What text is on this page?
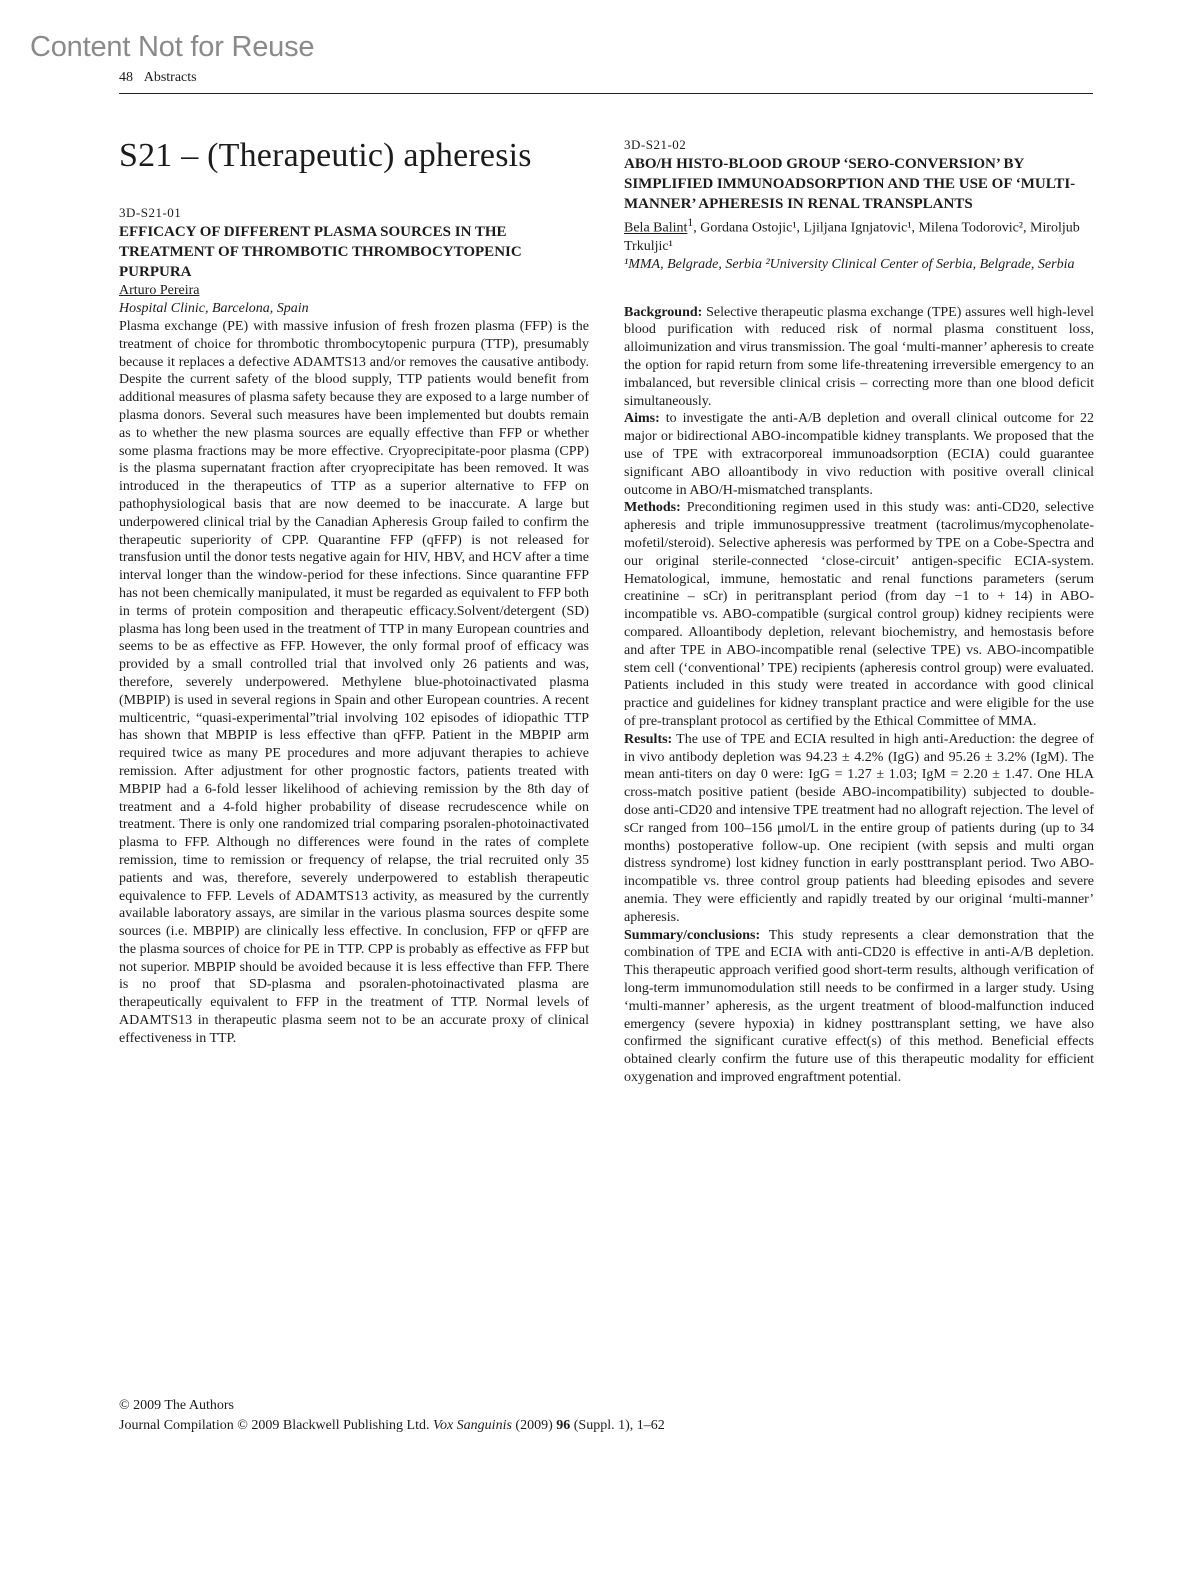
Content Not for Reuse
48 Abstracts
S21 – (Therapeutic) apheresis
3D-S21-01
EFFICACY OF DIFFERENT PLASMA SOURCES IN THE TREATMENT OF THROMBOTIC THROMBOCYTOPENIC PURPURA
Arturo Pereira
Hospital Clinic, Barcelona, Spain

Plasma exchange (PE) with massive infusion of fresh frozen plasma (FFP) is the treatment of choice for thrombotic thrombocytopenic purpura (TTP), presumably because it replaces a defective ADAMTS13 and/or removes the causative antibody. Despite the current safety of the blood supply, TTP patients would benefit from additional measures of plasma safety because they are exposed to a large number of plasma donors. Several such measures have been implemented but doubts remain as to whether the new plasma sources are equally effective than FFP or whether some plasma fractions may be more effective. Cryoprecipitate-poor plasma (CPP) is the plasma supernatant fraction after cryoprecipitate has been removed. It was introduced in the therapeutics of TTP as a superior alternative to FFP on pathophysiological basis that are now deemed to be inaccurate. A large but underpowered clinical trial by the Canadian Apheresis Group failed to confirm the therapeutic superiority of CPP. Quarantine FFP (qFFP) is not released for transfusion until the donor tests negative again for HIV, HBV, and HCV after a time interval longer than the window-period for these infections. Since quarantine FFP has not been chemically manipulated, it must be regarded as equivalent to FFP both in terms of protein composition and therapeutic efficacy.Solvent/detergent (SD) plasma has long been used in the treatment of TTP in many European countries and seems to be as effective as FFP. However, the only formal proof of efficacy was provided by a small controlled trial that involved only 26 patients and was, therefore, severely underpowered. Methylene blue-photoinactivated plasma (MBPIP) is used in several regions in Spain and other European countries. A recent multicentric, “quasi-experimental”trial involving 102 episodes of idiopathic TTP has shown that MBPIP is less effective than qFFP. Patient in the MBPIP arm required twice as many PE procedures and more adjuvant therapies to achieve remission. After adjustment for other prognostic factors, patients treated with MBPIP had a 6-fold lesser likelihood of achieving remission by the 8th day of treatment and a 4-fold higher probability of disease recrudescence while on treatment. There is only one randomized trial comparing psoralen-photoinactivated plasma to FFP. Although no differences were found in the rates of complete remission, time to remission or frequency of relapse, the trial recruited only 35 patients and was, therefore, severely underpowered to establish therapeutic equivalence to FFP. Levels of ADAMTS13 activity, as measured by the currently available laboratory assays, are similar in the various plasma sources despite some sources (i.e. MBPIP) are clinically less effective. In conclusion, FFP or qFFP are the plasma sources of choice for PE in TTP. CPP is probably as effective as FFP but not superior. MBPIP should be avoided because it is less effective than FFP. There is no proof that SD-plasma and psoralen-photoinactivated plasma are therapeutically equivalent to FFP in the treatment of TTP. Normal levels of ADAMTS13 in therapeutic plasma seem not to be an accurate proxy of clinical effectiveness in TTP.

3D-S21-02
ABO/H HISTO-BLOOD GROUP ‘SERO-CONVERSION’ BY SIMPLIFIED IMMUNOADSORPTION AND THE USE OF ‘MULTI-MANNER’ APHERESIS IN RENAL TRANSPLANTS
Bela Balint$^1$, Gordana Ostojic¹, Ljiljana Ignjatovic¹, Milena Todorovic², Miroljub Trkuljic¹
¹MMA, Belgrade, Serbia ²University Clinical Center of Serbia, Belgrade, Serbia

Background: Selective therapeutic plasma exchange (TPE) assures well high-level blood purification with reduced risk of normal plasma constituent loss, alloimunization and virus transmission. The goal ‘multi-manner’ apheresis to create the option for rapid return from some life-threatening irreversible emergency to an imbalanced, but reversible clinical crisis – correcting more than one blood deficit simultaneously.

Aims: to investigate the anti-A/B depletion and overall clinical outcome for 22 major or bidirectional ABO-incompatible kidney transplants. We proposed that the use of TPE with extracorporeal immunoadsorption (ECIA) could guarantee significant ABO alloantibody in vivo reduction with positive overall clinical outcome in ABO/H-mismatched transplants.

Methods: Preconditioning regimen used in this study was: anti-CD20, selective apheresis and triple immunosuppressive treatment (tacrolimus/mycophenolate-mofetil/steroid). Selective apheresis was performed by TPE on a Cobe-Spectra and our original sterile-connected ‘close-circuit’ antigen-specific ECIA-system. Hematological, immune, hemostatic and renal functions parameters (serum creatinine – sCr) in peritransplant period (from day −1 to + 14) in ABO-incompatible vs. ABO-compatible (surgical control group) kidney recipients were compared. Alloantibody depletion, relevant biochemistry, and hemostasis before and after TPE in ABO-incompatible renal (selective TPE) vs. ABO-incompatible stem cell (‘conventional’ TPE) recipients (apheresis control group) were evaluated. Patients included in this study were treated in accordance with good clinical practice and guidelines for kidney transplant practice and were eligible for the use of pre-transplant protocol as certified by the Ethical Committee of MMA.

Results: The use of TPE and ECIA resulted in high anti-Areduction: the degree of in vivo antibody depletion was 94.23 ± 4.2% (IgG) and 95.26 ± 3.2% (IgM). The mean anti-titers on day 0 were: IgG = 1.27 ± 1.03; IgM = 2.20 ± 1.47. One HLA cross-match positive patient (beside ABO-incompatibility) subjected to double-dose anti-CD20 and intensive TPE treatment had no allograft rejection. The level of sCr ranged from 100–156 μmol/L in the entire group of patients during (up to 34 months) postoperative follow-up. One recipient (with sepsis and multi organ distress syndrome) lost kidney function in early posttransplant period. Two ABO-incompatible vs. three control group patients had bleeding episodes and severe anemia. They were efficiently and rapidly treated by our original ‘multi-manner’ apheresis.

Summary/conclusions: This study represents a clear demonstration that the combination of TPE and ECIA with anti-CD20 is effective in anti-A/B depletion. This therapeutic approach verified good short-term results, although verification of long-term immunomodulation still needs to be confirmed in a larger study. Using ‘multi-manner’ apheresis, as the urgent treatment of blood-malfunction induced emergency (severe hypoxia) in kidney posttransplant setting, we have also confirmed the significant curative effect(s) of this method. Beneficial effects obtained clearly confirm the future use of this therapeutic modality for efficient oxygenation and improved engraftment potential.

© 2009 The Authors
Journal Compilation © 2009 Blackwell Publishing Ltd. Vox Sanguinis (2009) 96 (Suppl. 1), 1–62
